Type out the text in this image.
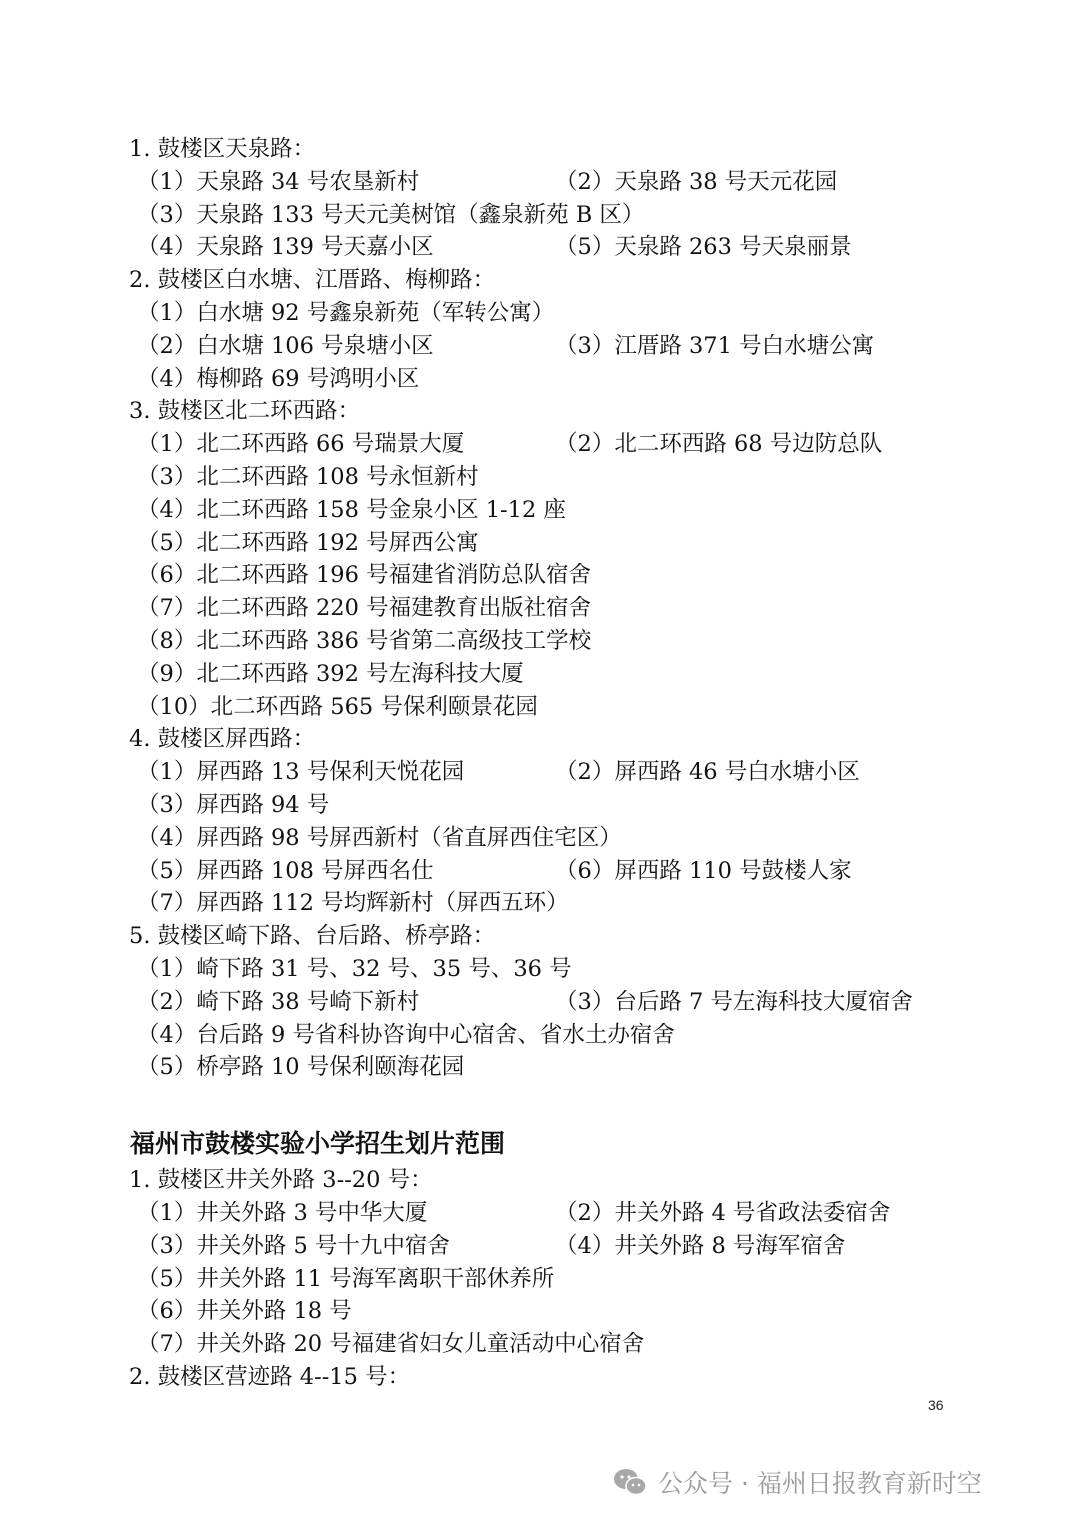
1. 鼓楼区天泉路：
（1）天泉路 34 号农垦新村	（2）天泉路 38 号天元花园
（3）天泉路 133 号天元美树馆（鑫泉新苑 B 区）
（4）天泉路 139 号天嘉小区	（5）天泉路 263 号天泉丽景
2. 鼓楼区白水塘、江厝路、梅柳路：
（1）白水塘 92 号鑫泉新苑（军转公寓）
（2）白水塘 106 号泉塘小区	（3）江厝路 371 号白水塘公寓
（4）梅柳路 69 号鸿明小区
3. 鼓楼区北二环西路：
（1）北二环西路 66 号瑞景大厦	（2）北二环西路 68 号边防总队
（3）北二环西路 108 号永恒新村
（4）北二环西路 158 号金泉小区 1-12 座
（5）北二环西路 192 号屏西公寓
（6）北二环西路 196 号福建省消防总队宿舍
（7）北二环西路 220 号福建教育出版社宿舍
（8）北二环西路 386 号省第二高级技工学校
（9）北二环西路 392 号左海科技大厦
（10）北二环西路 565 号保利颐景花园
4. 鼓楼区屏西路：
（1）屏西路 13 号保利天悦花园	（2）屏西路 46 号白水塘小区
（3）屏西路 94 号
（4）屏西路 98 号屏西新村（省直屏西住宅区）
（5）屏西路 108 号屏西名仕	（6）屏西路 110 号鼓楼人家
（7）屏西路 112 号均辉新村（屏西五环）
5. 鼓楼区崎下路、台后路、桥亭路：
（1）崎下路 31 号、32 号、35 号、36 号
（2）崎下路 38 号崎下新村	（3）台后路 7 号左海科技大厦宿舍
（4）台后路 9 号省科协咨询中心宿舍、省水土办宿舍
（5）桥亭路 10 号保利颐海花园
福州市鼓楼实验小学招生划片范围
1. 鼓楼区井关外路 3--20 号：
（1）井关外路 3 号中华大厦	（2）井关外路 4 号省政法委宿舍
（3）井关外路 5 号十九中宿舍	（4）井关外路 8 号海军宿舍
（5）井关外路 11 号海军离职干部休养所
（6）井关外路 18 号
（7）井关外路 20 号福建省妇女儿童活动中心宿舍
2. 鼓楼区营迹路 4--15 号：
36
公众号 · 福州日报教育新时空
